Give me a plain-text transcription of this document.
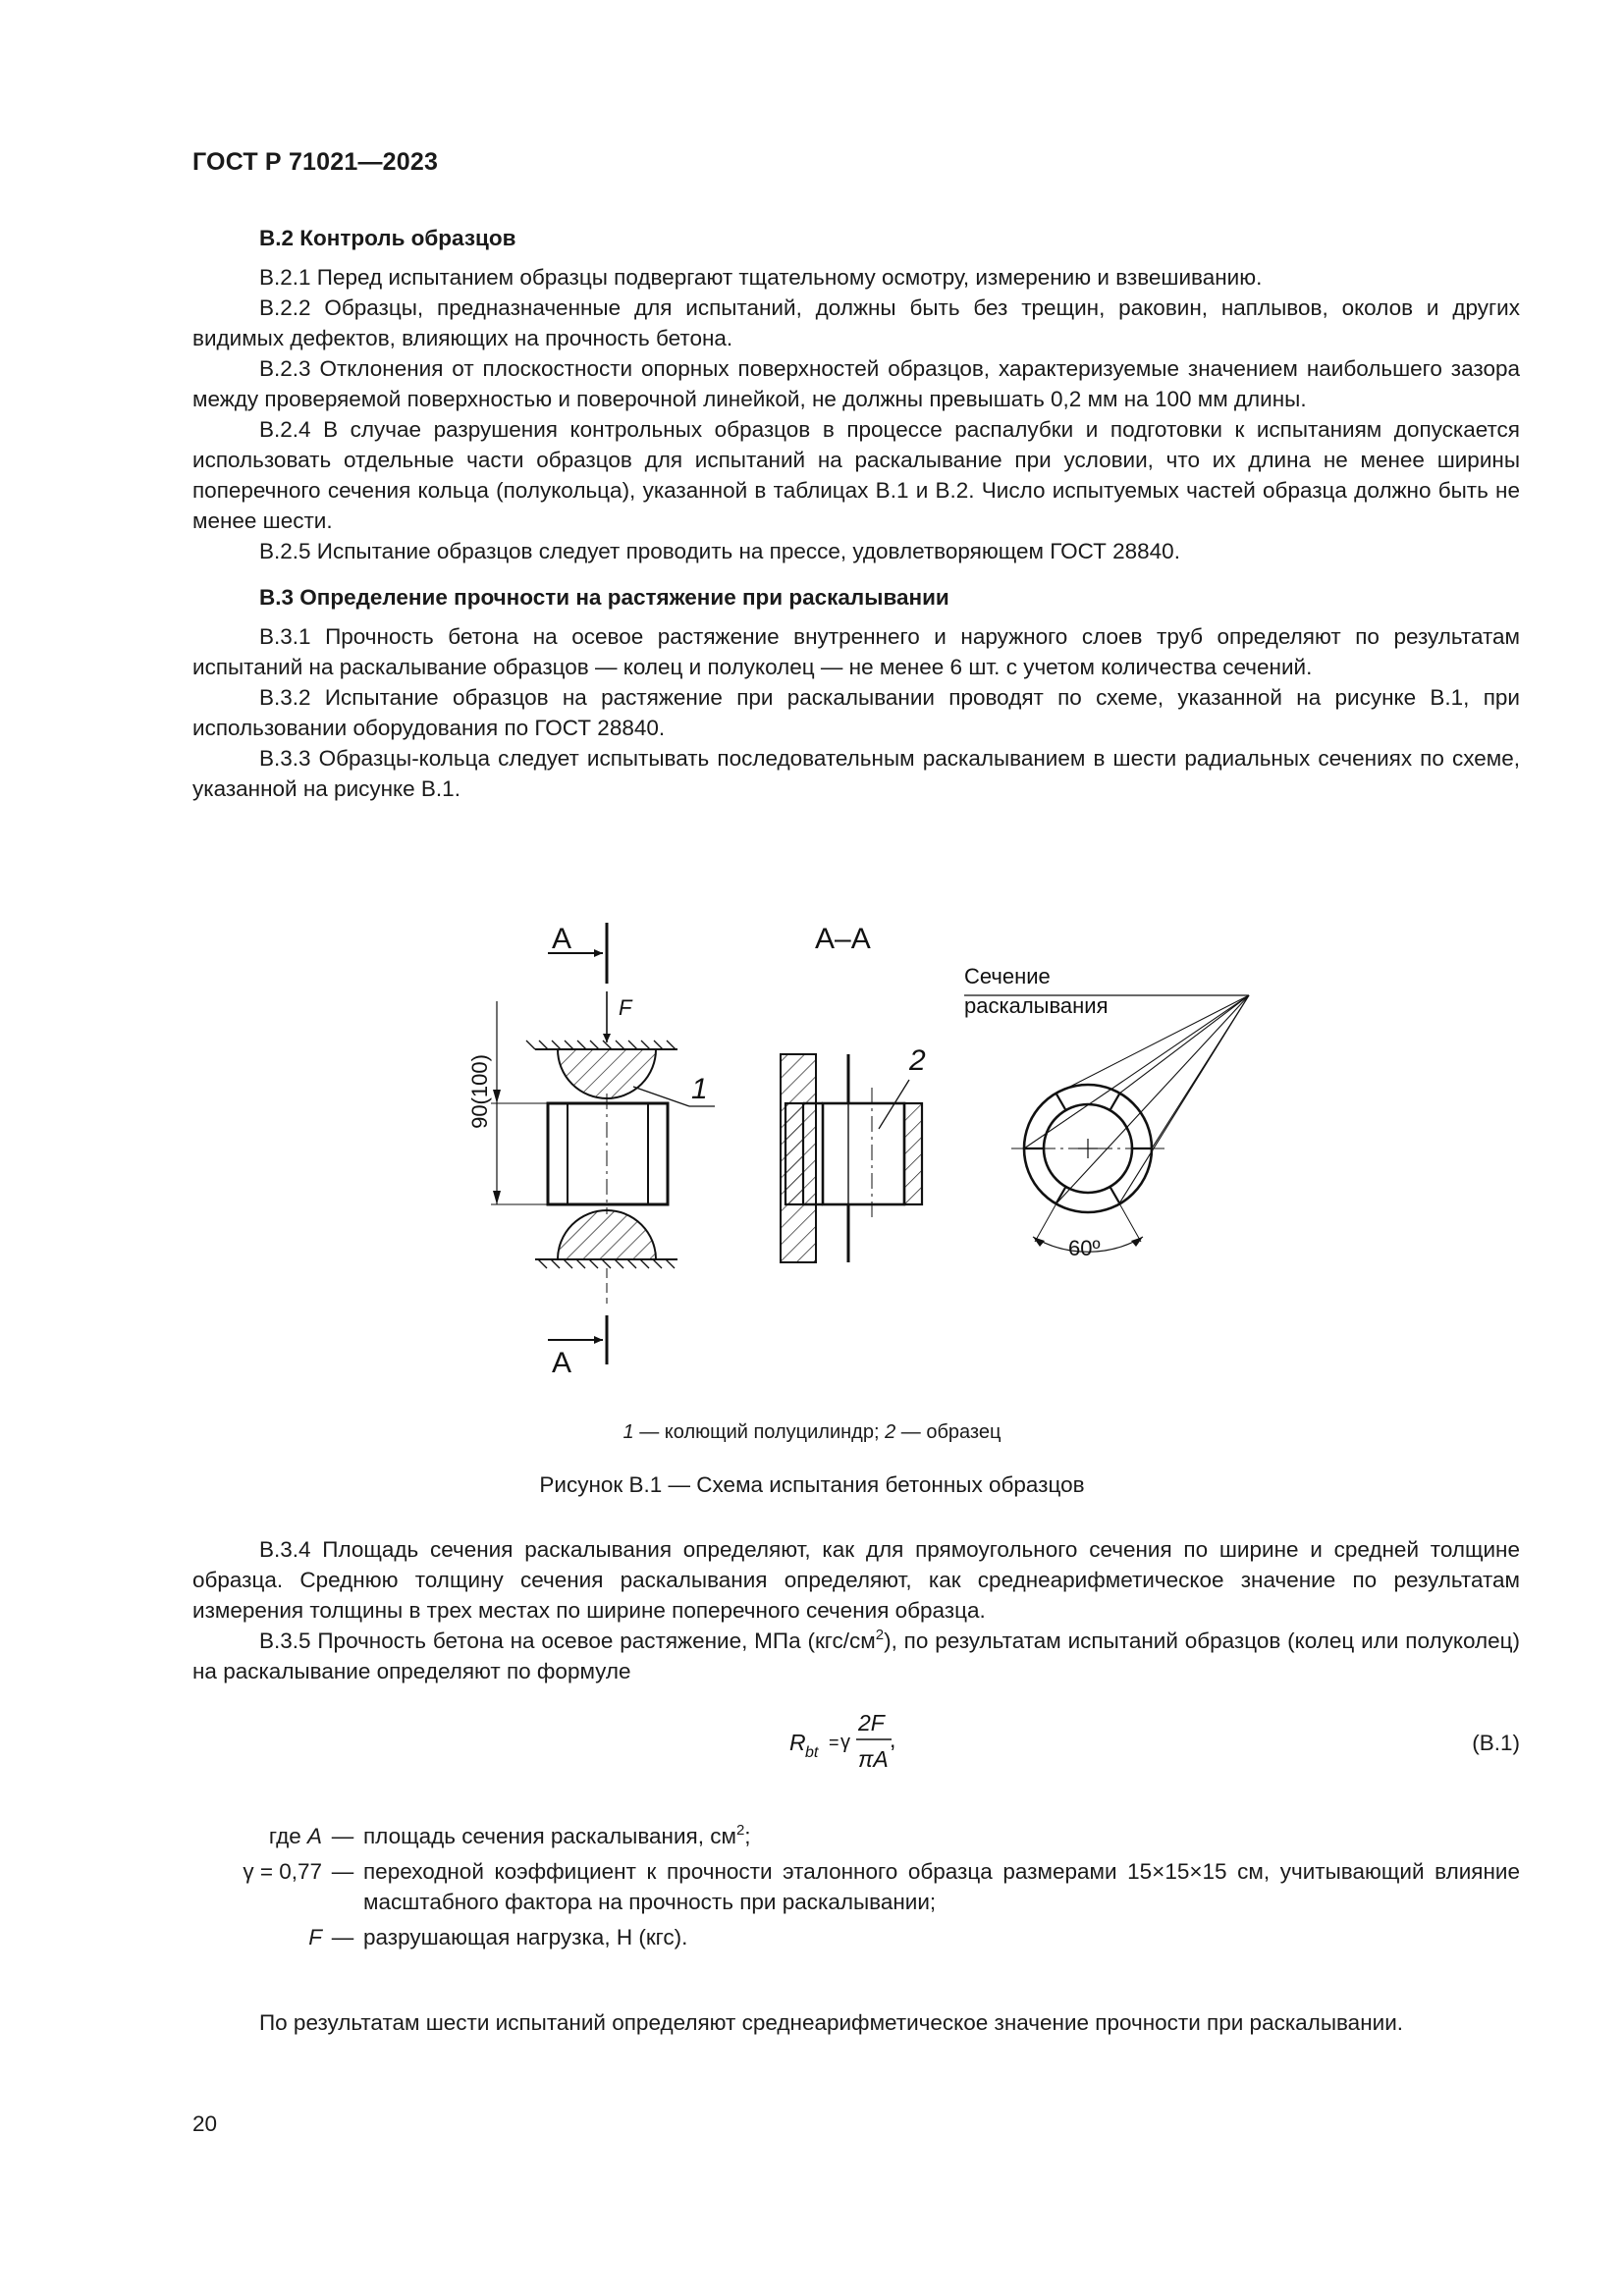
ГОСТ Р 71021—2023
В.2 Контроль образцов

В.2.1 Перед испытанием образцы подвергают тщательному осмотру, измерению и взвешиванию.

В.2.2 Образцы, предназначенные для испытаний, должны быть без трещин, раковин, наплывов, околов и других видимых дефектов, влияющих на прочность бетона.

В.2.3 Отклонения от плоскостности опорных поверхностей образцов, характеризуемые значением наибольшего зазора между проверяемой поверхностью и поверочной линейкой, не должны превышать 0,2 мм на 100 мм длины.

В.2.4 В случае разрушения контрольных образцов в процессе распалубки и подготовки к испытаниям допускается использовать отдельные части образцов для испытаний на раскалывание при условии, что их длина не менее ширины поперечного сечения кольца (полукольца), указанной в таблицах В.1 и В.2. Число испытуемых частей образца должно быть не менее шести.

В.2.5 Испытание образцов следует проводить на прессе, удовлетворяющем ГОСТ 28840.

В.3 Определение прочности на растяжение при раскалывании

В.3.1 Прочность бетона на осевое растяжение внутреннего и наружного слоев труб определяют по результатам испытаний на раскалывание образцов — колец и полуколец — не менее 6 шт. с учетом количества сечений.

В.3.2 Испытание образцов на растяжение при раскалывании проводят по схеме, указанной на рисунке В.1, при использовании оборудования по ГОСТ 28840.

В.3.3 Образцы-кольца следует испытывать последовательным раскалыванием в шести радиальных сечениях по схеме, указанной на рисунке В.1.

А
А
F
90(100)	1
А–А
2
Сечение
раскалывания
60º
1 — колющий полуцилиндр; 2 — образец
Рисунок В.1 — Схема испытания бетонных образцов

В.3.4 Площадь сечения раскалывания определяют, как для прямоугольного сечения по ширине и средней толщине образца. Среднюю толщину сечения раскалывания определяют, как среднеарифметическое значение по результатам измерения толщины в трех местах по ширине поперечного сечения образца.

В.3.5 Прочность бетона на осевое растяжение, МПа $(кгс/см^2)$, по результатам испытаний образцов (колец или полуколец) на раскалывание определяют по формуле

R bt
= γ
2F
πA
,	(В.1)
где A — площадь сечения раскалывания, $см^2$;
γ = 0,77 — переходной коэффициент к прочности эталонного образца размерами 15×15×15 см, учитывающий влияние масштабного фактора на прочность при раскалывании;
F — разрушающая нагрузка, Н (кгс).

По результатам шести испытаний определяют среднеарифметическое значение прочности при раскалывании.

20
